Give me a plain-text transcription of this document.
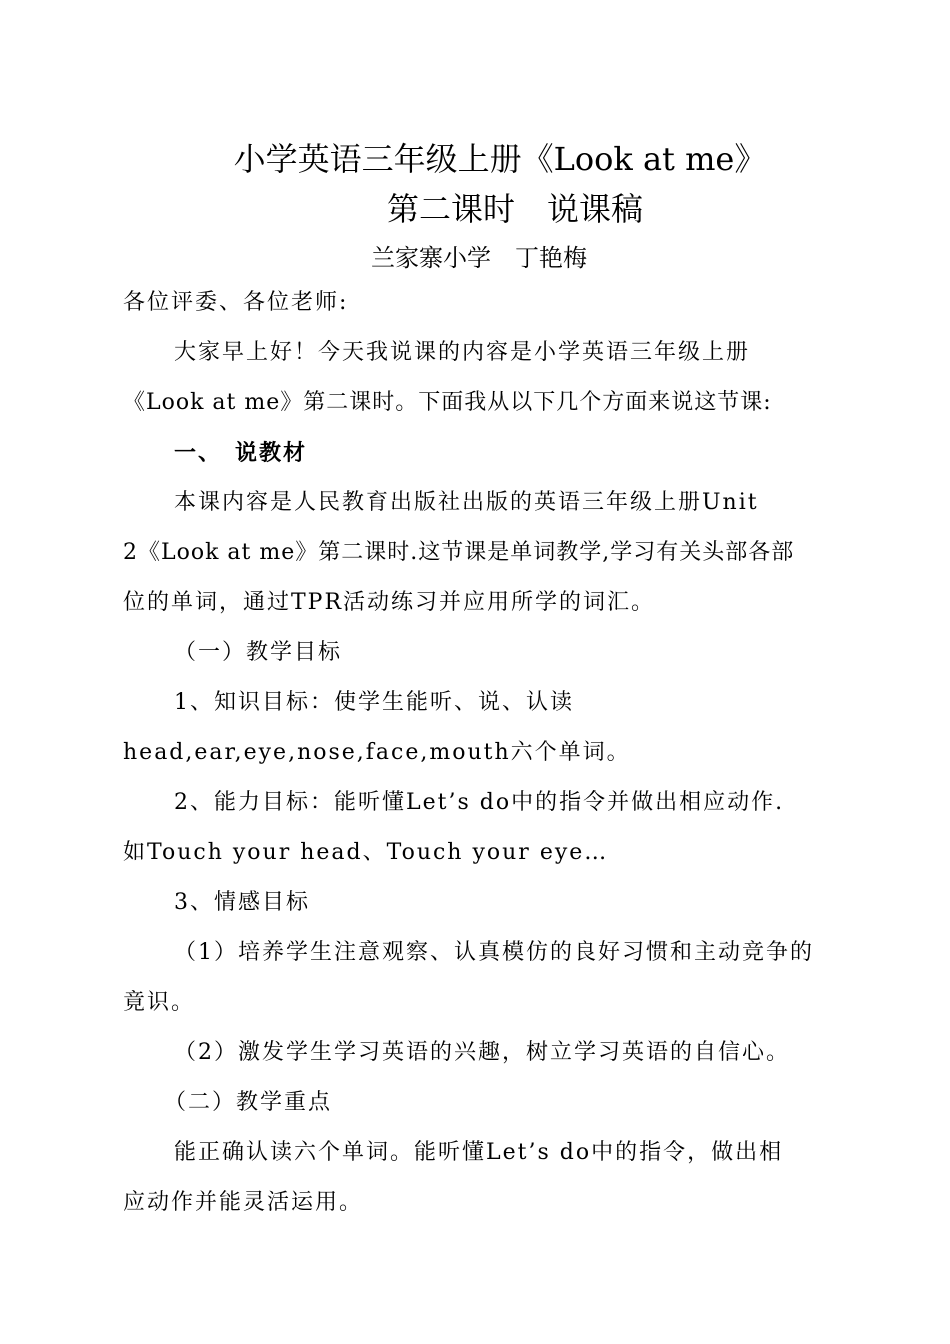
小学英语三年级上册《Look at me》
第二课时　说课稿
兰家寨小学　丁艳梅
各位评委、各位老师:
大家早上好！今天我说课的内容是小学英语三年级上册
《Look at me》第二课时。下面我从以下几个方面来说这节课:
一、　说教材
本课内容是人民教育出版社出版的英语三年级上册Unit
2《Look at me》第二课时.这节课是单词教学,学习有关头部各部
位的单词，通过TPR活动练习并应用所学的词汇。
（一）教学目标
1、知识目标：使学生能听、说、认读
head,ear,eye,nose,face,mouth六个单词。
2、能力目标：能听懂Let’s do中的指令并做出相应动作.
如Touch your head、Touch your eye…
3、情感目标
（1）培养学生注意观察、认真模仿的良好习惯和主动竞争的
竟识。
（2）激发学生学习英语的兴趣，树立学习英语的自信心。
（二）教学重点
能正确认读六个单词。能听懂Let’s do中的指令，做出相
应动作并能灵活运用。
